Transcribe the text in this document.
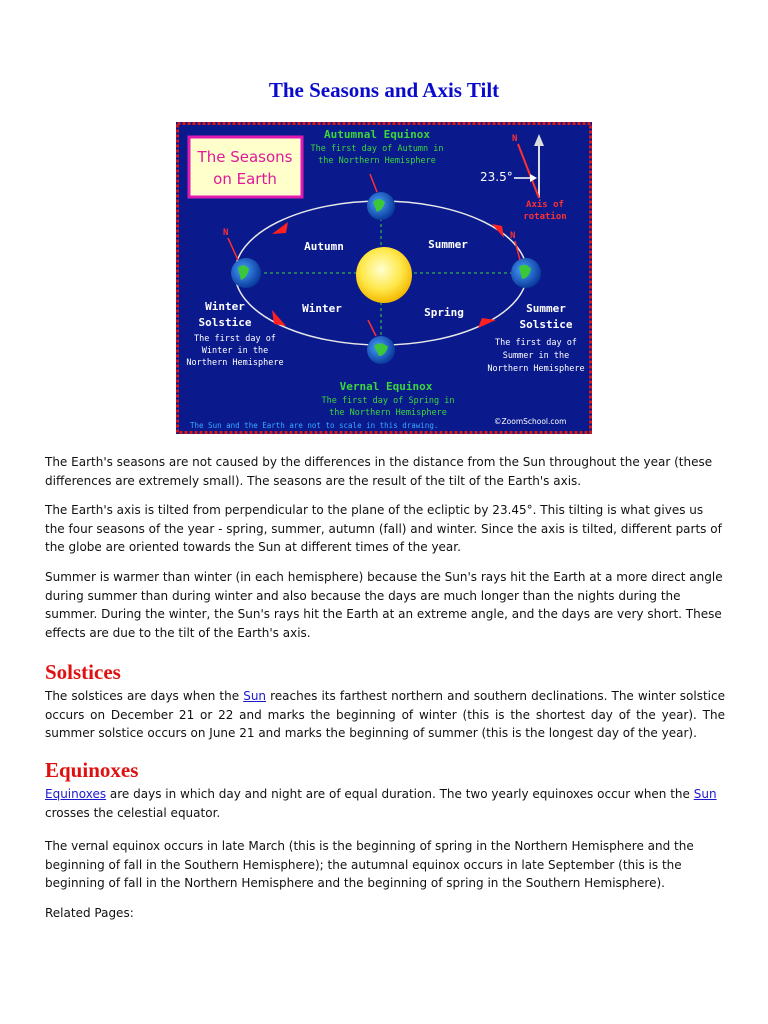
The Seasons and Axis Tilt
The Seasons
on Earth
Autumnal Equinox
The first day of Autumn in
the Northern Hemisphere
N
23.5°
Axis of
rotation
N	N
Autumn	Summer
Winter	Spring
Winter
Solstice
The first day of
Winter in the
Northern Hemisphere
Summer
Solstice
The first day of
Summer in the
Northern Hemisphere
Vernal Equinox
The first day of Spring in
the Northern Hemisphere
The Sun and the Earth are not to scale in this drawing.	©ZoomSchool.com

The Earth's seasons are not caused by the differences in the distance from the Sun throughout the year (these differences are extremely small). The seasons are the result of the tilt of the Earth's axis.

The Earth's axis is tilted from perpendicular to the plane of the ecliptic by 23.45°. This tilting is what gives us the four seasons of the year - spring, summer, autumn (fall) and winter. Since the axis is tilted, different parts of the globe are oriented towards the Sun at different times of the year.

Summer is warmer than winter (in each hemisphere) because the Sun's rays hit the Earth at a more direct angle during summer than during winter and also because the days are much longer than the nights during the summer. During the winter, the Sun's rays hit the Earth at an extreme angle, and the days are very short. These effects are due to the tilt of the Earth's axis.

Solstices

The solstices are days when the Sun reaches its farthest northern and southern declinations. The winter solstice occurs on December 21 or 22 and marks the beginning of winter (this is the shortest day of the year). The summer solstice occurs on June 21 and marks the beginning of summer (this is the longest day of the year).

Equinoxes

Equinoxes are days in which day and night are of equal duration. The two yearly equinoxes occur when the Sun crosses the celestial equator.

The vernal equinox occurs in late March (this is the beginning of spring in the Northern Hemisphere and the beginning of fall in the Southern Hemisphere); the autumnal equinox occurs in late September (this is the beginning of fall in the Northern Hemisphere and the beginning of spring in the Southern Hemisphere).

Related Pages:
